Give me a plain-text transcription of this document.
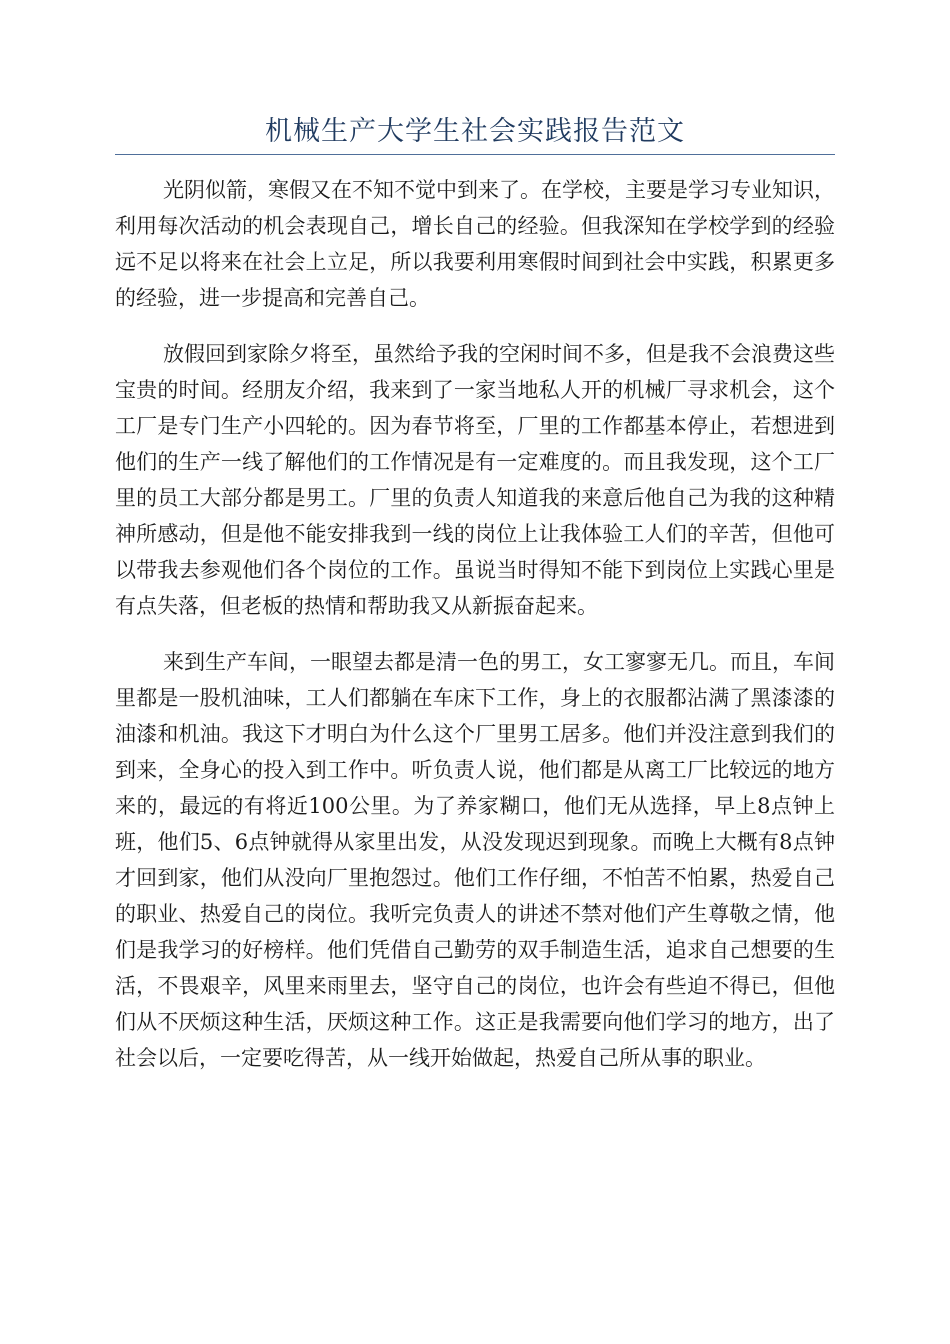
机械生产大学生社会实践报告范文

光阴似箭，寒假又在不知不觉中到来了。在学校，主要是学习专业知识，利用每次活动的机会表现自己，增长自己的经验。但我深知在学校学到的经验远不足以将来在社会上立足，所以我要利用寒假时间到社会中实践，积累更多的经验，进一步提高和完善自己。

放假回到家除夕将至，虽然给予我的空闲时间不多，但是我不会浪费这些宝贵的时间。经朋友介绍，我来到了一家当地私人开的机械厂寻求机会，这个工厂是专门生产小四轮的。因为春节将至，厂里的工作都基本停止，若想进到他们的生产一线了解他们的工作情况是有一定难度的。而且我发现，这个工厂里的员工大部分都是男工。厂里的负责人知道我的来意后他自己为我的这种精神所感动，但是他不能安排我到一线的岗位上让我体验工人们的辛苦，但他可以带我去参观他们各个岗位的工作。虽说当时得知不能下到岗位上实践心里是有点失落，但老板的热情和帮助我又从新振奋起来。

来到生产车间，一眼望去都是清一色的男工，女工寥寥无几。而且，车间里都是一股机油味，工人们都躺在车床下工作，身上的衣服都沾满了黑漆漆的油漆和机油。我这下才明白为什么这个厂里男工居多。他们并没注意到我们的到来，全身心的投入到工作中。听负责人说，他们都是从离工厂比较远的地方来的，最远的有将近100公里。为了养家糊口，他们无从选择，早上8点钟上班，他们5、6点钟就得从家里出发，从没发现迟到现象。而晚上大概有8点钟才回到家，他们从没向厂里抱怨过。他们工作仔细，不怕苦不怕累，热爱自己的职业、热爱自己的岗位。我听完负责人的讲述不禁对他们产生尊敬之情，他们是我学习的好榜样。他们凭借自己勤劳的双手制造生活，追求自己想要的生活，不畏艰辛，风里来雨里去，坚守自己的岗位，也许会有些迫不得已，但他们从不厌烦这种生活，厌烦这种工作。这正是我需要向他们学习的地方，出了社会以后，一定要吃得苦，从一线开始做起，热爱自己所从事的职业。
